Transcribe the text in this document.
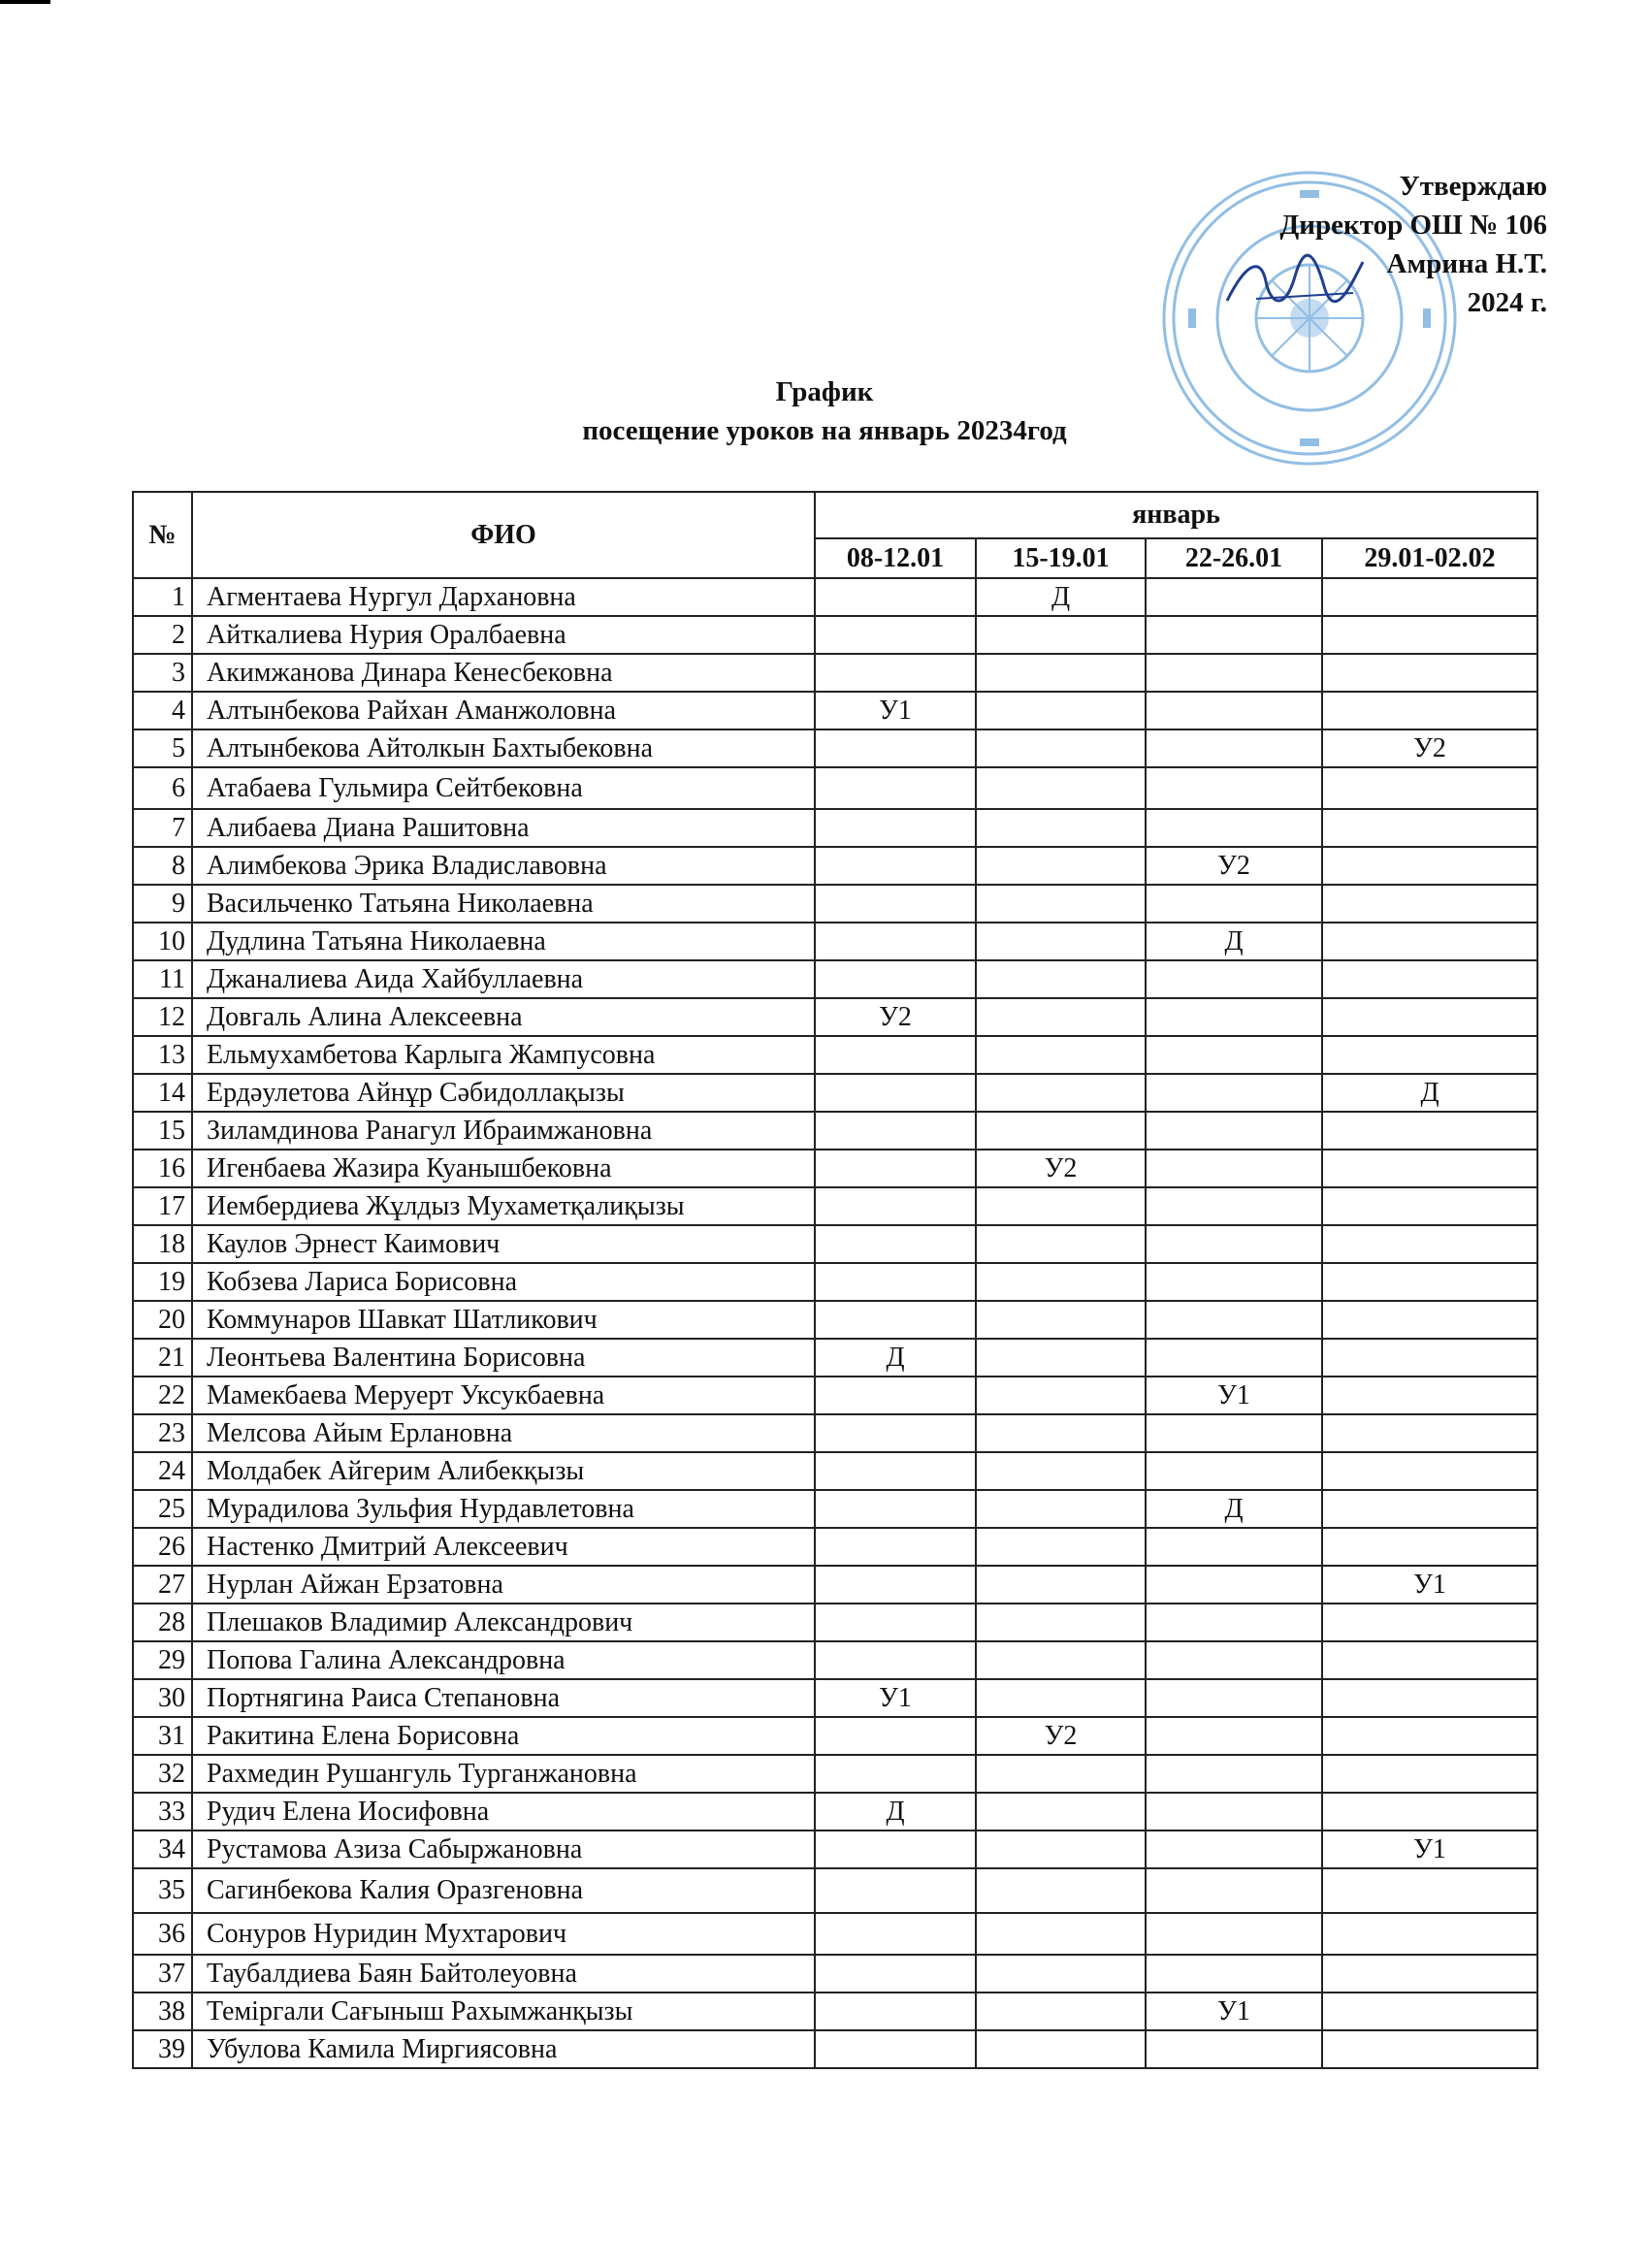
Утверждаю
Директор ОШ № 106
Амрина Н.Т.
2024 г.
График
посещение уроков на январь 20234год
№	ФИО	январь			
		08-12.01	15-19.01	22-26.01	29.01-02.02
1	Агментаева Нургул Дархановна		Д		
2	Айткалиева Нурия Оралбаевна				
3	Акимжанова Динара Кенесбековна				
4	Алтынбекова Райхан Аманжоловна	У1			
5	Алтынбекова Айтолкын Бахтыбековна				У2
6	Атабаева Гульмира Сейтбековна				
7	Алибаева Диана Рашитовна				
8	Алимбекова Эрика Владиславовна			У2	
9	Васильченко Татьяна Николаевна				
10	Дудлина Татьяна Николаевна			Д	
11	Джаналиева Аида Хайбуллаевна				
12	Довгаль Алина Алексеевна	У2			
13	Ельмухамбетова Карлыга Жампусовна				
14	Ердәулетова Айнұр Сәбидоллақызы				Д
15	Зиламдинова Ранагул Ибраимжановна				
16	Игенбаева Жазира Куанышбековна		У2		
17	Иембердиева Жұлдыз Мухаметқалиқызы				
18	Каулов Эрнест Каимович				
19	Кобзева Лариса Борисовна				
20	Коммунаров Шавкат Шатликович				
21	Леонтьева Валентина Борисовна	Д			
22	Мамекбаева Меруерт Уксукбаевна			У1	
23	Мелсова Айым Ерлановна				
24	Молдабек Айгерим Алибекқызы				
25	Мурадилова Зульфия Нурдавлетовна			Д	
26	Настенко Дмитрий Алексеевич				
27	Нурлан Айжан Ерзатовна				У1
28	Плешаков Владимир Александрович				
29	Попова Галина Александровна				
30	Портнягина Раиса Степановна	У1			
31	Ракитина Елена Борисовна		У2		
32	Рахмедин Рушангуль Турганжановна				
33	Рудич Елена Иосифовна	Д			
34	Рустамова Азиза Сабыржановна				У1
35	Сагинбекова Калия Оразгеновна				
36	Сонуров Нуридин Мухтарович				
37	Таубалдиева Баян Байтолеуовна				
38	Теміргали Сағыныш Рахымжанқызы			У1	
39	Убулова Камила Миргиясовна				
